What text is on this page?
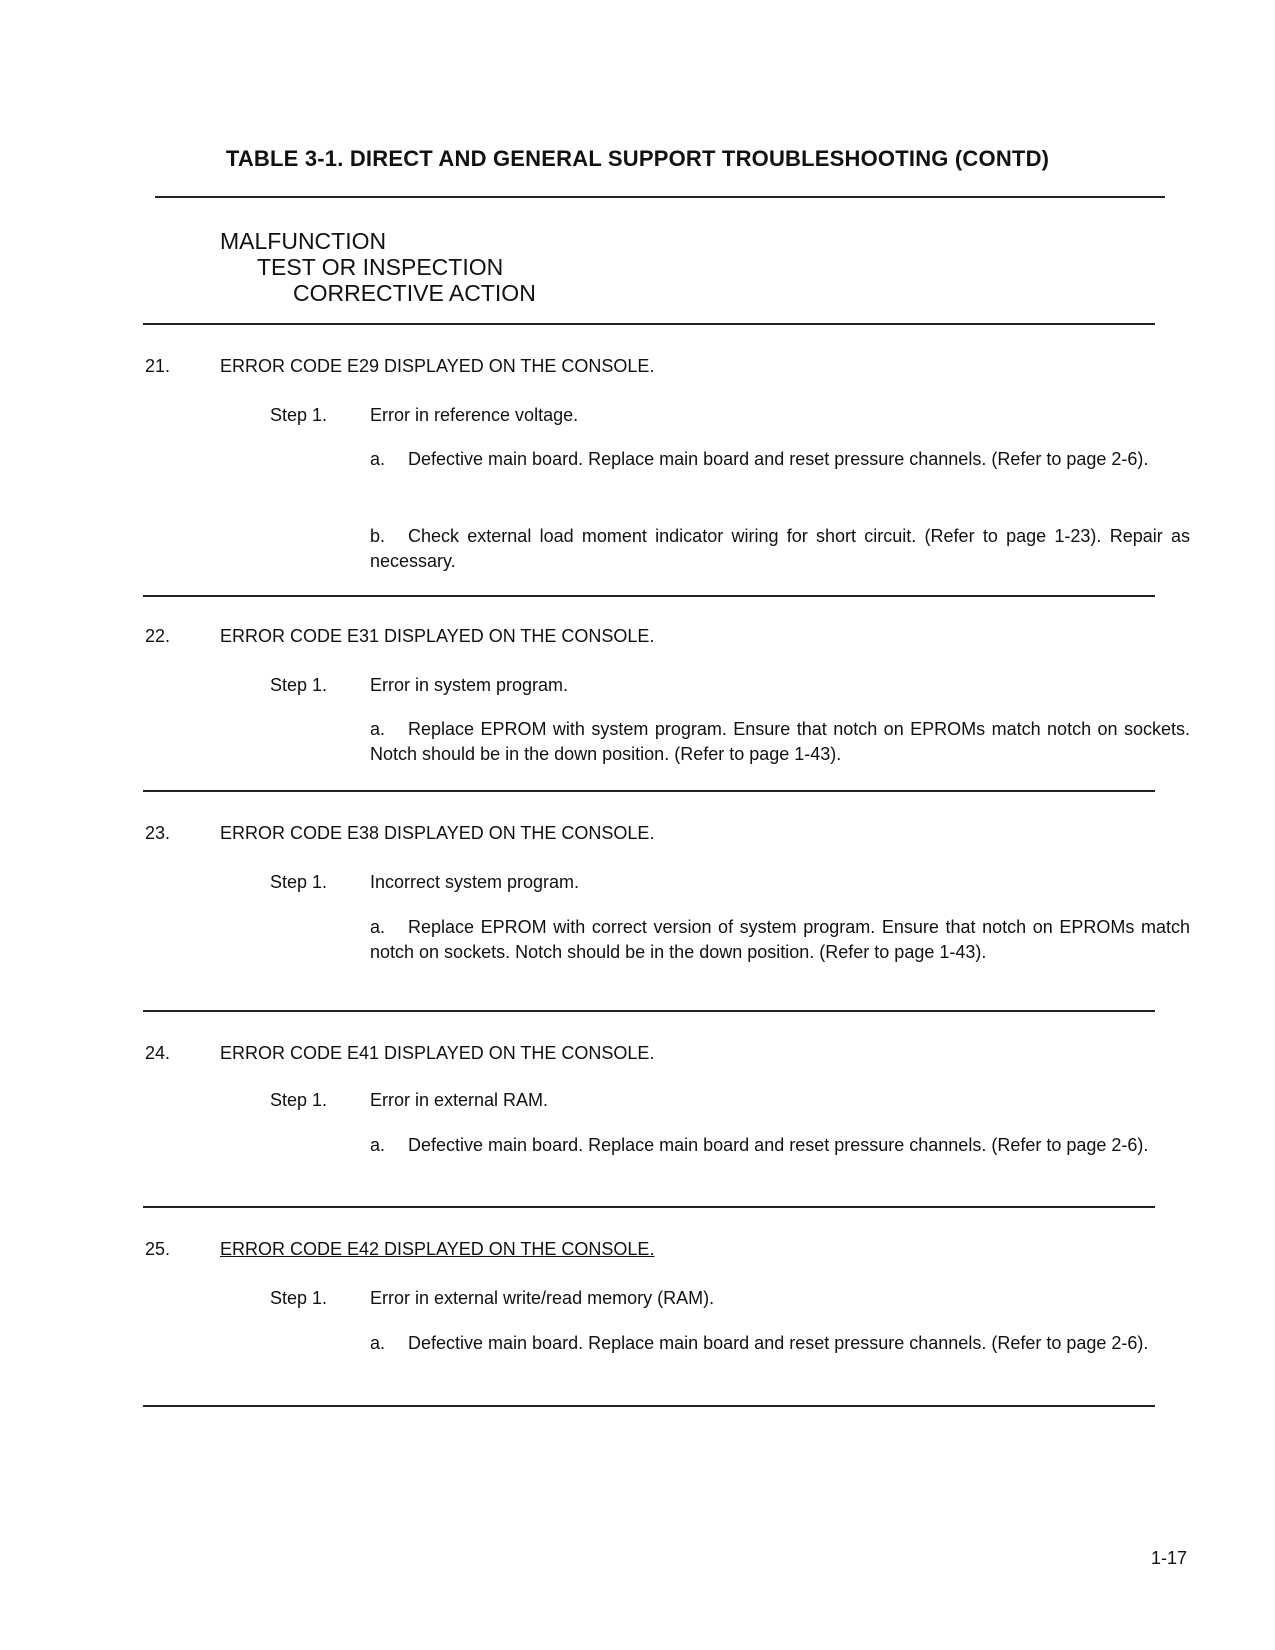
TABLE 3-1. DIRECT AND GENERAL SUPPORT TROUBLESHOOTING (CONTD)
MALFUNCTION
TEST OR INSPECTION
CORRECTIVE ACTION
21.	ERROR CODE E29 DISPLAYED ON THE CONSOLE.
Step 1. Error in reference voltage.
a. Defective main board. Replace main board and reset pressure channels. (Refer to page 2-6).
b. Check external load moment indicator wiring for short circuit. (Refer to page 1-23). Repair as necessary.
22.	ERROR CODE E31 DISPLAYED ON THE CONSOLE.
Step 1. Error in system program.
a. Replace EPROM with system program. Ensure that notch on EPROMs match notch on sockets. Notch should be in the down position. (Refer to page 1-43).
23.	ERROR CODE E38 DISPLAYED ON THE CONSOLE.
Step 1. Incorrect system program.
a. Replace EPROM with correct version of system program. Ensure that notch on EPROMs match notch on sockets. Notch should be in the down position. (Refer to page 1-43).
24.	ERROR CODE E41 DISPLAYED ON THE CONSOLE.
Step 1. Error in external RAM.
a. Defective main board. Replace main board and reset pressure channels. (Refer to page 2-6).
25.	ERROR CODE E42 DISPLAYED ON THE CONSOLE.
Step 1. Error in external write/read memory (RAM).
a. Defective main board. Replace main board and reset pressure channels. (Refer to page 2-6).
1-17
